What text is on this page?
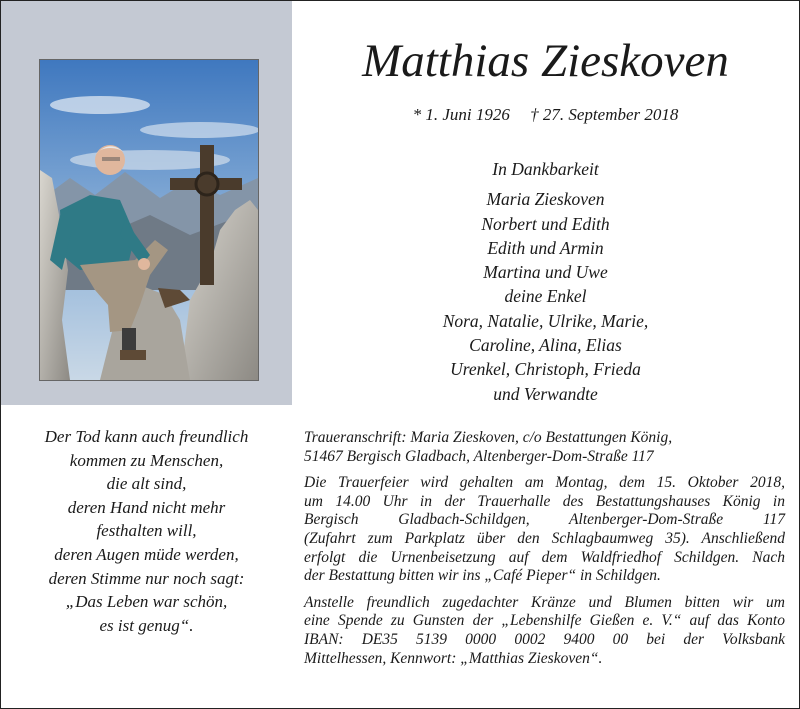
Der Tod kann auch freundlich
kommen zu Menschen,
die alt sind,
deren Hand nicht mehr
festhalten will,
deren Augen müde werden,
deren Stimme nur noch sagt:
„Das Leben war schön,
es ist genug“.
Matthias Zieskoven
* 1. Juni 1926 † 27. September 2018
In Dankbarkeit
Maria Zieskoven
Norbert und Edith
Edith und Armin
Martina und Uwe
deine Enkel
Nora, Natalie, Ulrike, Marie,
Caroline, Alina, Elias
Urenkel, Christoph, Frieda
und Verwandte

Traueranschrift: Maria Zieskoven, c/o Bestattungen König,
51467 Bergisch Gladbach, Altenberger-Dom-Straße 117

Die Trauerfeier wird gehalten am Montag, dem 15. Oktober 2018,
um 14.00 Uhr in der Trauerhalle des Bestattungshauses König in
Bergisch Gladbach-Schildgen, Altenberger-Dom-Straße 117
(Zufahrt zum Parkplatz über den Schlagbaumweg 35). Anschließend
erfolgt die Urnenbeisetzung auf dem Waldfriedhof Schildgen. Nach
der Bestattung bitten wir ins „Café Pieper“ in Schildgen.

Anstelle freundlich zugedachter Kränze und Blumen bitten wir um
eine Spende zu Gunsten der „Lebenshilfe Gießen e. V.“ auf das Konto
IBAN: DE35 5139 0000 0002 9400 00 bei der Volksbank
Mittelhessen, Kennwort: „Matthias Zieskoven“.
